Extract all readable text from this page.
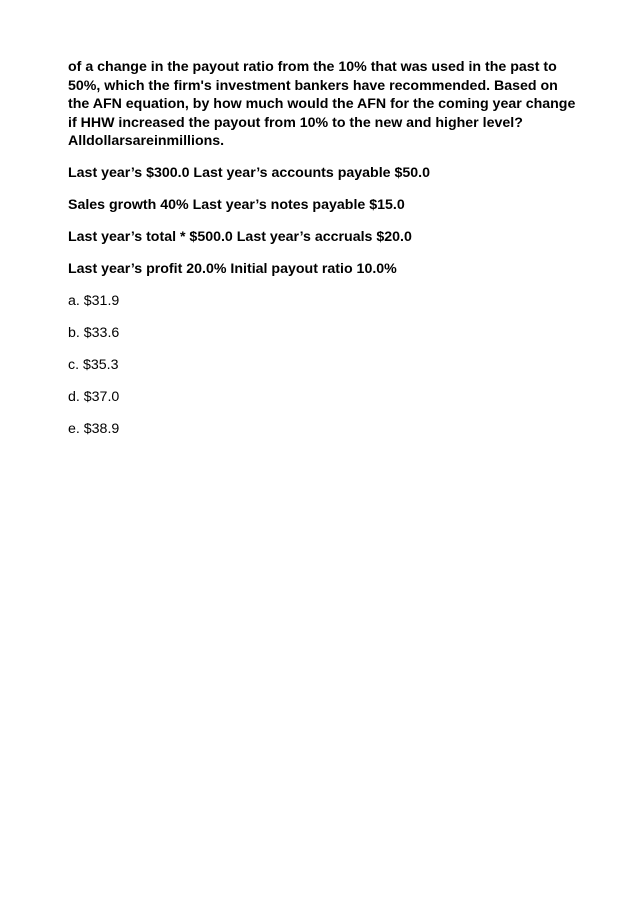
of a change in the payout ratio from the 10% that was used in the past to
50%, which the firm's investment bankers have recommended. Based on
the AFN equation, by how much would the AFN for the coming year change
if HHW increased the payout from 10% to the new and higher level?
Alldollarsareinmillions.

Last year’s $300.0 Last year’s accounts payable $50.0

Sales growth 40% Last year’s notes payable $15.0

Last year’s total * $500.0 Last year’s accruals $20.0

Last year’s profit 20.0% Initial payout ratio 10.0%

a. $31.9

b. $33.6

c. $35.3

d. $37.0

e. $38.9
